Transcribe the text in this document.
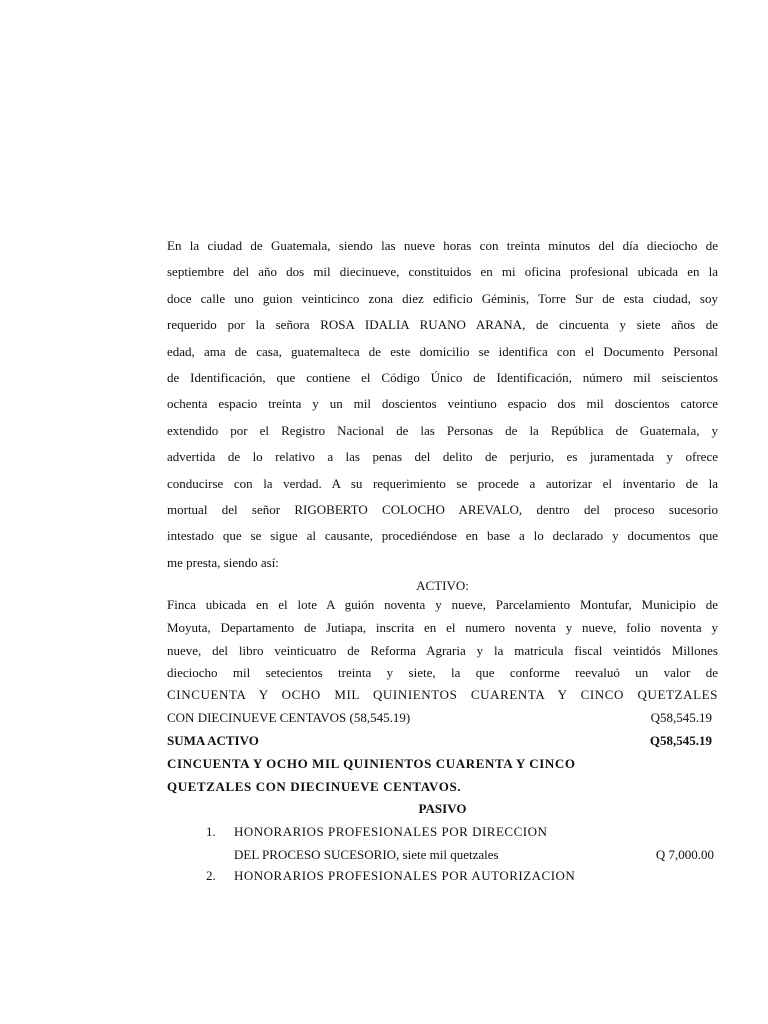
En la ciudad de Guatemala, siendo las nueve horas con treinta minutos del día dieciocho de

septiembre del año dos mil diecinueve, constituidos en mi oficina profesional ubicada en la

doce calle uno guion veinticinco zona diez edificio Géminis, Torre Sur de esta ciudad, soy

requerido por la señora ROSA IDALIA RUANO ARANA, de cincuenta y siete años de

edad, ama de casa, guatemalteca de este domicilio se identifica con el Documento Personal

de Identificación, que contiene el Código Único de Identificación, número mil seiscientos

ochenta espacio treinta y un mil doscientos veintiuno espacio dos mil doscientos catorce

extendido por el Registro Nacional de las Personas de la República de Guatemala, y

advertida de lo relativo a las penas del delito de perjurio, es juramentada y ofrece

conducirse con la verdad. A su requerimiento se procede a autorizar el inventario de la

mortual del señor RIGOBERTO COLOCHO AREVALO, dentro del proceso sucesorio

intestado que se sigue al causante, procediéndose en base a lo declarado y documentos que

me presta, siendo así:

ACTIVO:
Finca ubicada en el lote A guión noventa y nueve, Parcelamiento Montufar, Municipio de
Moyuta, Departamento de Jutiapa, inscrita en el numero noventa y nueve, folio noventa y
nueve, del libro veinticuatro de Reforma Agraria y la matricula fiscal veintidós Millones
dieciocho mil setecientos treinta y siete, la que conforme reevaluó un valor de
CINCUENTA Y OCHO MIL QUINIENTOS CUARENTA Y CINCO QUETZALES
CON DIECINUEVE CENTAVOS (58,545.19)	Q58,545.19
SUMA ACTIVO	Q58,545.19
CINCUENTA Y OCHO MIL QUINIENTOS CUARENTA Y CINCO
QUETZALES CON DIECINUEVE CENTAVOS.
PASIVO
1. HONORARIOS PROFESIONALES POR DIRECCION
DEL PROCESO SUCESORIO, siete mil quetzales	Q 7,000.00
2. HONORARIOS PROFESIONALES POR AUTORIZACION
